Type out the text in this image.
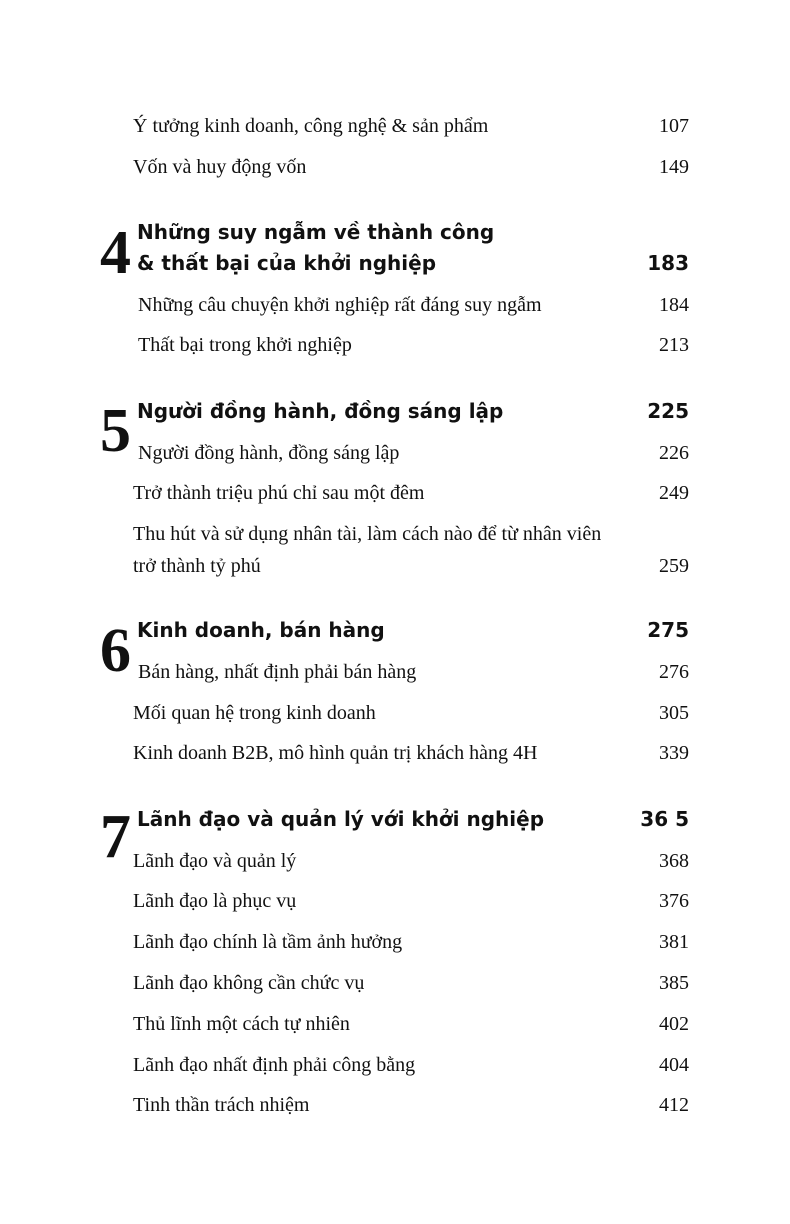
Ý tưởng kinh doanh, công nghệ & sản phẩm	107
Vốn và huy động vốn	149
4 Những suy ngẫm về thành công
& thất bại của khởi nghiệp	183
Những câu chuyện khởi nghiệp rất đáng suy ngẫm	184
Thất bại trong khởi nghiệp	213
5 Người đồng hành, đồng sáng lập	225
Người đồng hành, đồng sáng lập	226
Trở thành triệu phú chỉ sau một đêm	249
Thu hút và sử dụng nhân tài, làm cách nào để từ nhân viên
trở thành tỷ phú	259
6 Kinh doanh, bán hàng	275
Bán hàng, nhất định phải bán hàng	276
Mối quan hệ trong kinh doanh	305
Kinh doanh B2B, mô hình quản trị khách hàng 4H	339
7 Lãnh đạo và quản lý với khởi nghiệp	36 5
Lãnh đạo và quản lý	368
Lãnh đạo là phục vụ	376
Lãnh đạo chính là tầm ảnh hưởng	381
Lãnh đạo không cần chức vụ	385
Thủ lĩnh một cách tự nhiên	402
Lãnh đạo nhất định phải công bằng	404
Tinh thần trách nhiệm	412
